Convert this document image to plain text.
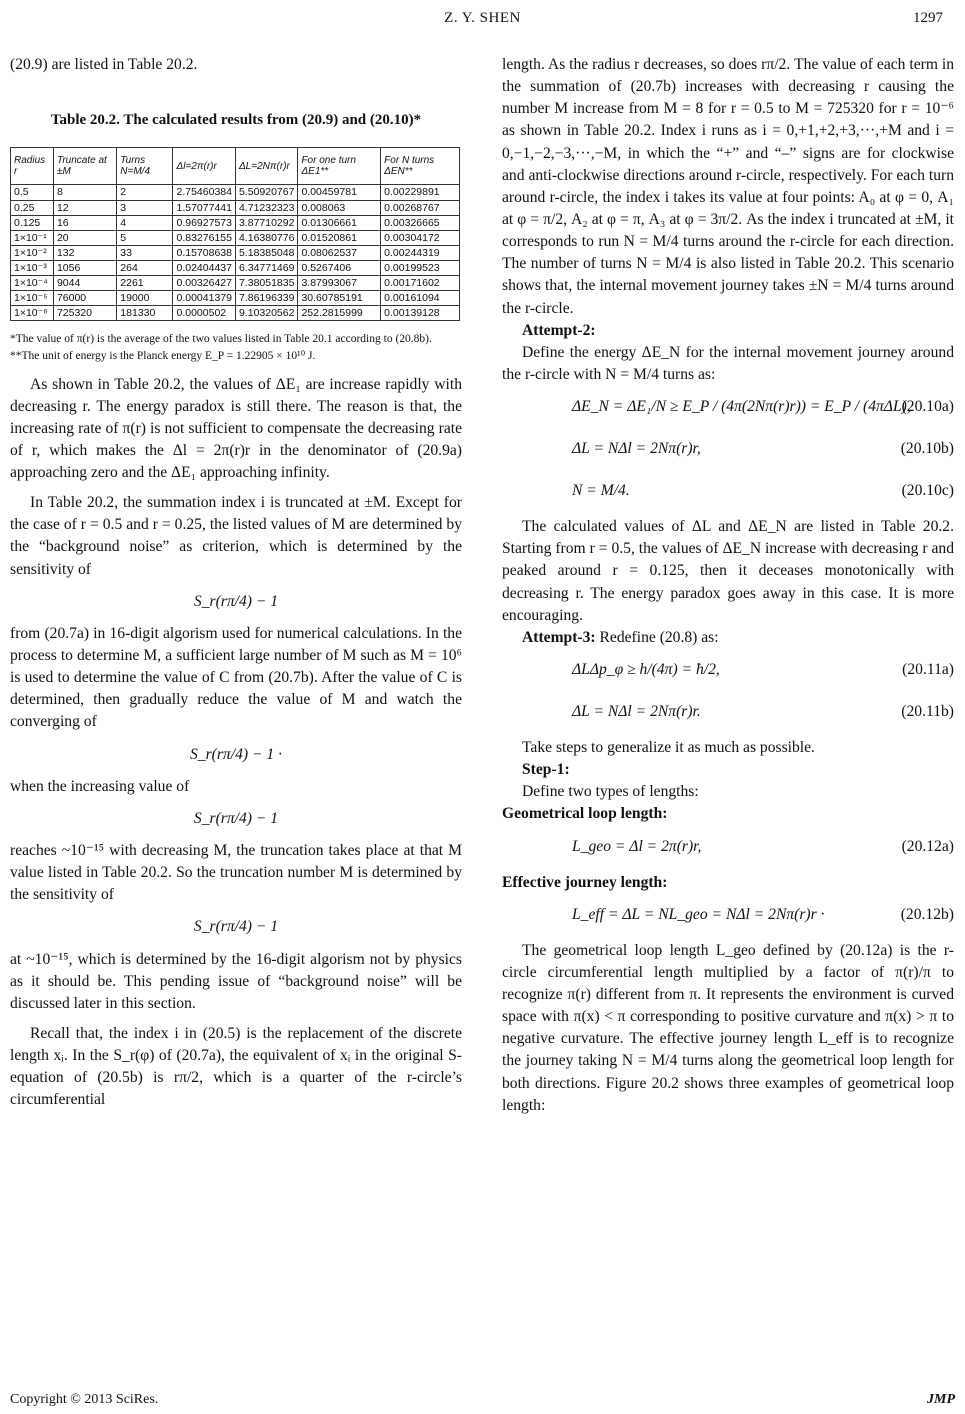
Z. Y. SHEN	1297

(20.9) are listed in Table 20.2.

Table 20.2. The calculated results from (20.9) and (20.10)*
Radius r	Truncate at ±M	Turns N=M/4	Δl=2π(r)r	ΔL=2Nπ(r)r	For one turn ΔE1**	For N turns ΔEN**
0.5	8	2	2.75460384	5.50920767	0.00459781	0.00229891
0.25	12	3	1.57077441	4.71232323	0.008063	0.00268767
0.125	16	4	0.96927573	3.87710292	0.01306661	0.00326665
1×10⁻¹	20	5	0.83276155	4.16380776	0.01520861	0.00304172
1×10⁻²	132	33	0.15708638	5.18385048	0.08062537	0.00244319
1×10⁻³	1056	264	0.02404437	6.34771469	0.5267406	0.00199523
1×10⁻⁴	9044	2261	0.00326427	7.38051835	3.87993067	0.00171602
1×10⁻⁵	76000	19000	0.00041379	7.86196339	30.60785191	0.00161094
1×10⁻⁶	725320	181330	0.0000502	9.10320562	252.2815999	0.00139128
*The value of π(r) is the average of the two values listed in Table 20.1 according to (20.8b). **The unit of energy is the Planck energy E_P = 1.22905 × 10¹⁰ J.

As shown in Table 20.2, the values of ΔE₁ are increase rapidly with decreasing r. The energy paradox is still there. The reason is that, the increasing rate of π(r) is not sufficient to compensate the decreasing rate of r, which makes the Δl = 2π(r)r in the denominator of (20.9a) approaching zero and the ΔE₁ approaching infinity.

In Table 20.2, the summation index i is truncated at ±M. Except for the case of r = 0.5 and r = 0.25, the listed values of M are determined by the “background noise” as criterion, which is determined by the sensitivity of

S_r(rπ/4) − 1

from (20.7a) in 16-digit algorism used for numerical calculations. In the process to determine M, a sufficient large number of M such as M = 10⁶ is used to determine the value of C from (20.7b). After the value of C is determined, then gradually reduce the value of M and watch the converging of

S_r(rπ/4) − 1 ·

when the increasing value of

S_r(rπ/4) − 1

reaches ~10⁻¹⁵ with decreasing M, the truncation takes place at that M value listed in Table 20.2. So the truncation number M is determined by the sensitivity of

S_r(rπ/4) − 1

at ~10⁻¹⁵, which is determined by the 16-digit algorism not by physics as it should be. This pending issue of “background noise” will be discussed later in this section.

Recall that, the index i in (20.5) is the replacement of the discrete length xᵢ. In the S_r(φ) of (20.7a), the equivalent of xᵢ in the original S-equation of (20.5b) is rπ/2, which is a quarter of the r-circle’s circumferential

length. As the radius r decreases, so does rπ/2. The value of each term in the summation of (20.7b) increases with decreasing r causing the number M increase from M = 8 for r = 0.5 to M = 725320 for r = 10⁻⁶ as shown in Table 20.2. Index i runs as i = 0,+1,+2,+3,···,+M and i = 0,−1,−2,−3,···,−M, in which the “+” and “–” signs are for clockwise and anti-clockwise directions around r-circle, respectively. For each turn around r-circle, the index i takes its value at four points: A₀ at φ = 0, A₁ at φ = π/2, A₂ at φ = π, A₃ at φ = 3π/2. As the index i truncated at ±M, it corresponds to run N = M/4 turns around the r-circle for each direction. The number of turns N = M/4 is also listed in Table 20.2. This scenario shows that, the internal movement journey takes ±N = M/4 turns around the r-circle.

Attempt-2:

Define the energy ΔE_N for the internal movement journey around the r-circle with N = M/4 turns as:

ΔE_N = ΔE₁/N ≥ E_P / (4π(2Nπ(r)r)) = E_P / (4πΔL),
(20.10a)
ΔL = NΔl = 2Nπ(r)r,	(20.10b)
N = M/4.	(20.10c)

The calculated values of ΔL and ΔE_N are listed in Table 20.2. Starting from r = 0.5, the values of ΔE_N increase with decreasing r and peaked around r = 0.125, then it deceases monotonically with decreasing r. The energy paradox goes away in this case. It is more encouraging.

Attempt-3: Redefine (20.8) as:

ΔLΔp_φ ≥ h/(4π) = ħ/2,	(20.11a)
ΔL = NΔl = 2Nπ(r)r.	(20.11b)

Take steps to generalize it as much as possible.

Step-1:

Define two types of lengths:

Geometrical loop length:

L_geo = Δl = 2π(r)r,	(20.12a)

Effective journey length:

L_eff = ΔL = NL_geo = NΔl = 2Nπ(r)r ·	(20.12b)

The geometrical loop length L_geo defined by (20.12a) is the r-circle circumferential length multiplied by a factor of π(r)/π to recognize π(r) different from π. It represents the environment is curved space with π(x) < π corresponding to positive curvature and π(x) > π to negative curvature. The effective journey length L_eff is to recognize the journey taking N = M/4 turns along the geometrical loop length for both directions. Figure 20.2 shows three examples of geometrical loop length:

Copyright © 2013 SciRes.	JMP
